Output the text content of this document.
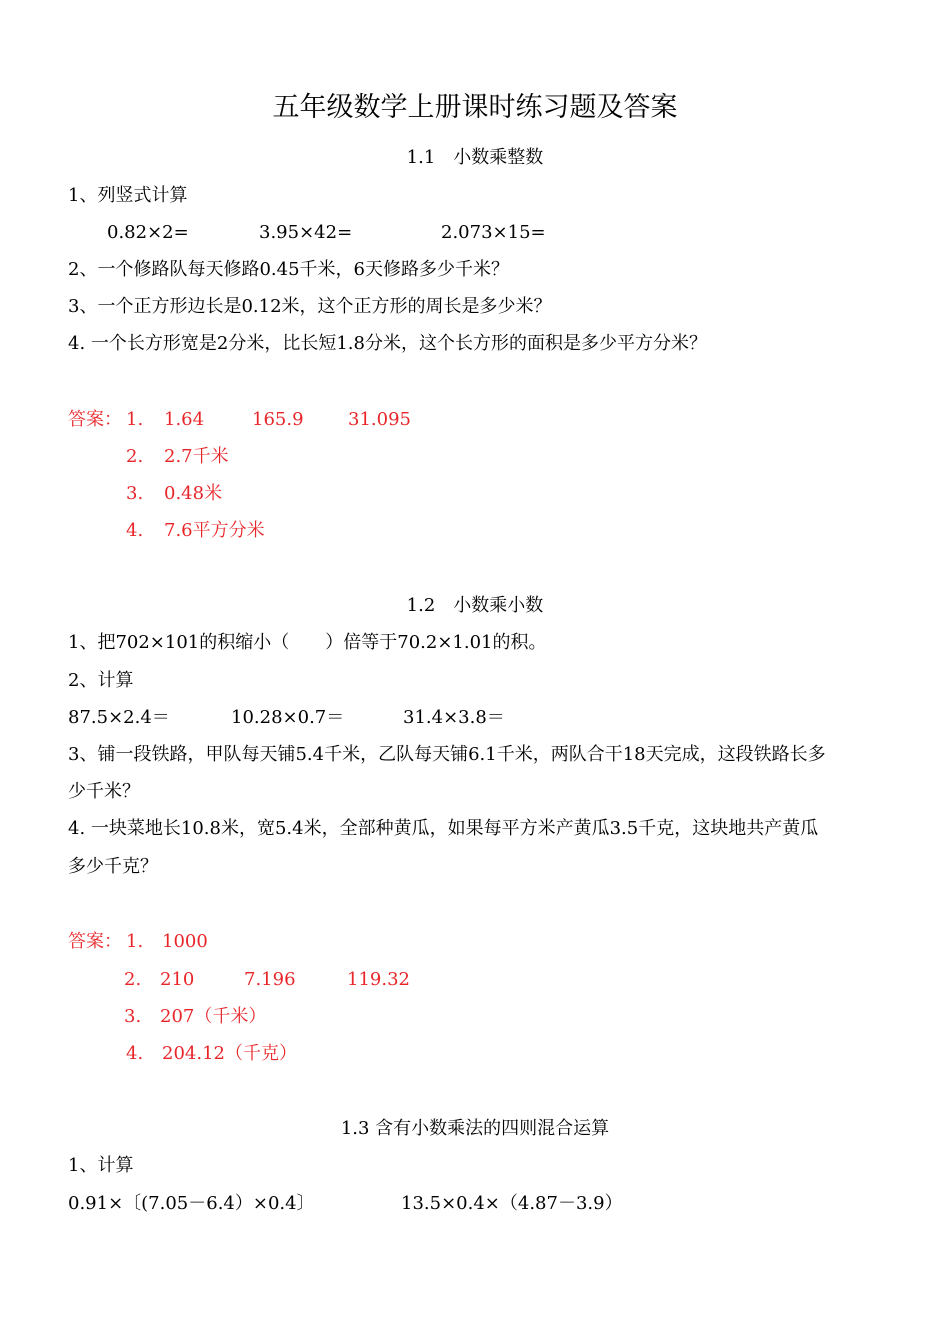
五年级数学上册课时练习题及答案
1.1　小数乘整数
1、列竖式计算
0.82×2=	3.95×42=	2.073×15=
2、一个修路队每天修路0.45千米，6天修路多少千米？
3、一个正方形边长是0.12米，这个正方形的周长是多少米？
4. 一个长方形宽是2分米，比长短1.8分米，这个长方形的面积是多少平方分米？
答案： 1. 1.64	165.9 31.095
2. 2.7千米
3. 0.48米
4. 7.6平方分米
1.2　小数乘小数
1、把702×101的积缩小（　　）倍等于70.2×1.01的积。
2、计算
87.5×2.4＝	10.28×0.7＝	31.4×3.8＝
3、铺一段铁路，甲队每天铺5.4千米，乙队每天铺6.1千米，两队合干18天完成，这段铁路长多
少千米？
4. 一块菜地长10.8米，宽5.4米，全部种黄瓜，如果每平方米产黄瓜3.5千克，这块地共产黄瓜
多少千克？
答案： 1. 1000
2. 210	7.196	119.32
3. 207（千米）
4. 204.12（千克）
1.3 含有小数乘法的四则混合运算
1、计算
0.91×〔(7.05－6.4）×0.4〕	13.5×0.4×（4.87－3.9）
